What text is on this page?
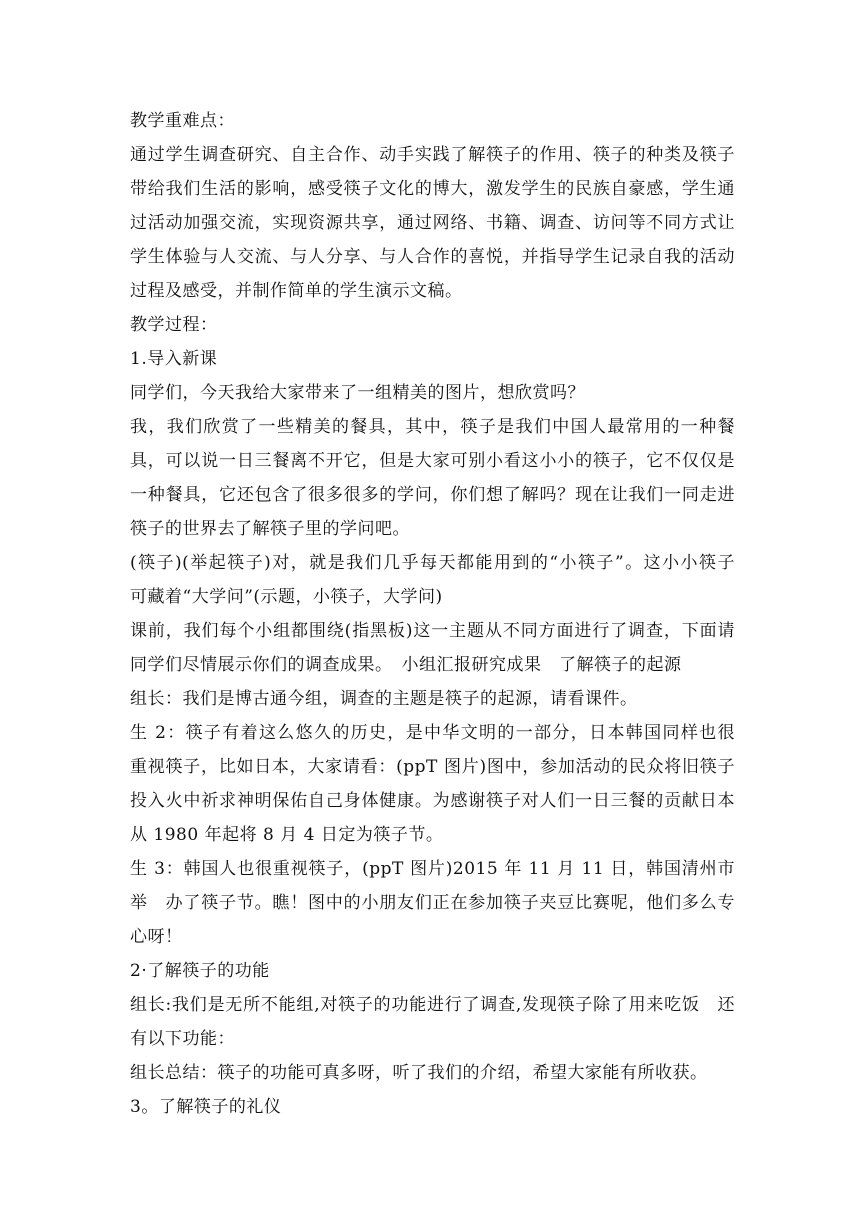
教学重难点：

通过学生调查研究、自主合作、动手实践了解筷子的作用、筷子的种类及筷子带给我们生活的影响，感受筷子文化的博大，激发学生的民族自豪感，学生通过活动加强交流，实现资源共享，通过网络、书籍、调查、访问等不同方式让学生体验与人交流、与人分享、与人合作的喜悦，并指导学生记录自我的活动过程及感受，并制作简单的学生演示文稿。

教学过程：

1.导入新课

同学们，今天我给大家带来了一组精美的图片，想欣赏吗？

我，我们欣赏了一些精美的餐具，其中，筷子是我们中国人最常用的一种餐具，可以说一日三餐离不开它，但是大家可别小看这小小的筷子，它不仅仅是一种餐具，它还包含了很多很多的学问，你们想了解吗？现在让我们一同走进筷子的世界去了解筷子里的学问吧。

(筷子)(举起筷子)对，就是我们几乎每天都能用到的“小筷子”。这小小筷子　可藏着“大学问”(示题，小筷子，大学问)

课前，我们每个小组都围绕(指黑板)这一主题从不同方面进行了调查，下面请　同学们尽情展示你们的调查成果。　小组汇报研究成果　了解筷子的起源

组长：我们是博古通今组，调查的主题是筷子的起源，请看课件。

生 2：筷子有着这么悠久的历史，是中华文明的一部分，日本韩国同样也很　重视筷子，比如日本，大家请看：(ppT 图片)图中，参加活动的民众将旧筷子　投入火中祈求神明保佑自己身体健康。为感谢筷子对人们一日三餐的贡献日本　从 1980 年起将 8 月 4 日定为筷子节。

生 3：韩国人也很重视筷子，(ppT 图片)2015 年 11 月 11 日，韩国清州市举　办了筷子节。瞧！图中的小朋友们正在参加筷子夹豆比赛呢，他们多么专心呀！

2·了解筷子的功能

组长:我们是无所不能组,对筷子的功能进行了调查,发现筷子除了用来吃饭　还有以下功能：

组长总结：筷子的功能可真多呀，听了我们的介绍，希望大家能有所收获。

3。了解筷子的礼仪
